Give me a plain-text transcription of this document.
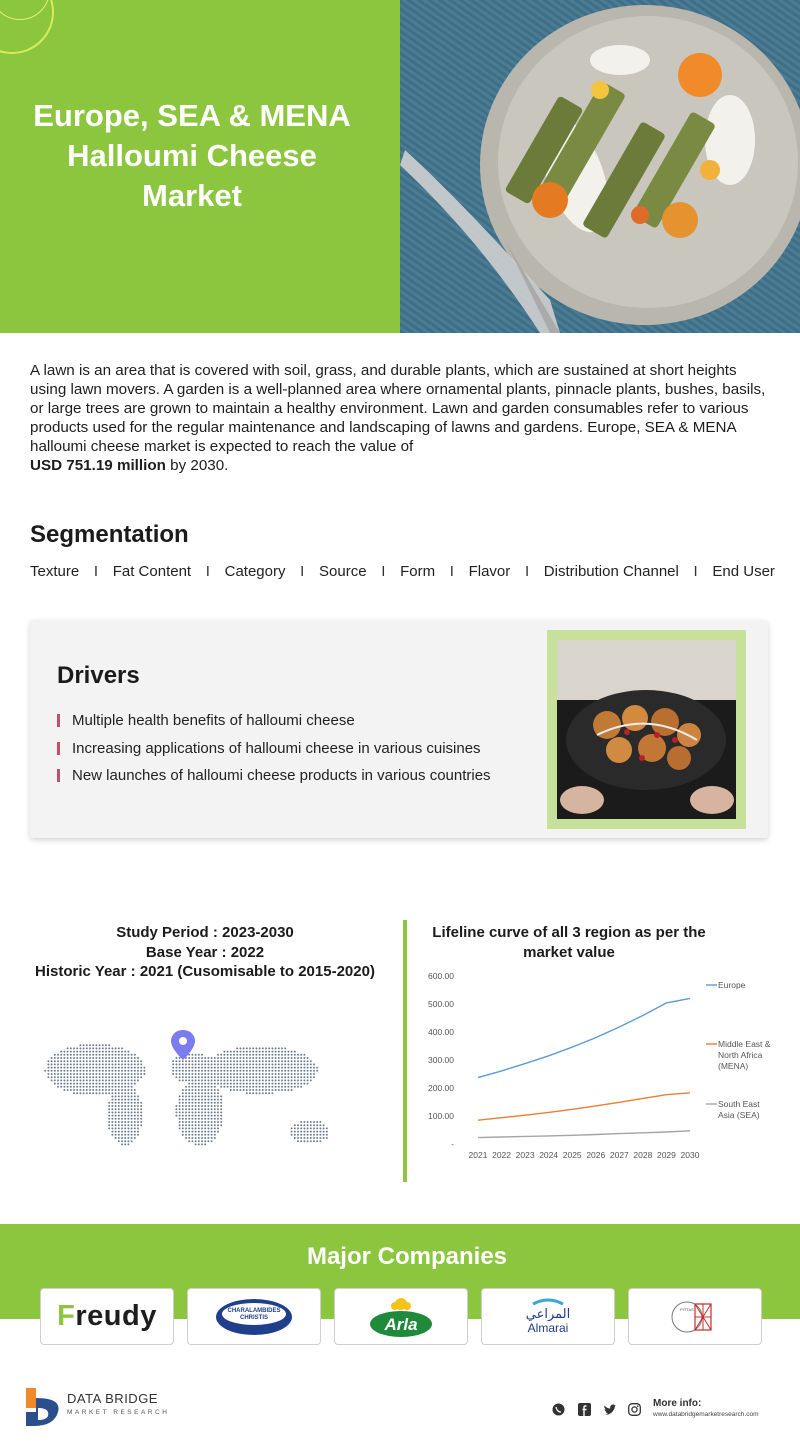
Europe, SEA & MENA
Halloumi Cheese
Market
A lawn is an area that is covered with soil, grass, and durable plants, which are sustained at short heights using lawn movers. A garden is a well-planned area where ornamental plants, pinnacle plants, bushes, basils, or large trees are grown to maintain a healthy environment. Lawn and garden consumables refer to various products used for the regular maintenance and landscaping of lawns and gardens. Europe, SEA & MENA halloumi cheese market is expected to reach the value of
USD 751.19 million by 2030.
Segmentation
Texture I Fat Content I Category I Source I Form I Flavor I Distribution Channel I End User
Drivers
Multiple health benefits of halloumi cheese
Increasing applications of halloumi cheese in various cuisines
New launches of halloumi cheese products in various countries
Study Period : 2023-2030
Base Year : 2022
Historic Year : 2021 (Cusomisable to 2015-2020)
Lifeline curve of all 3 region as per the market value
600.00
500.00
400.00
300.00
200.00
100.00
-
2021 2022 2023 2024 2025 2026 2027 2028 2029 2030
Europe
Middle East &
North Africa
(MENA)
South East
Asia (SEA)
Major Companies
Freudy	CHARALAMBIDES
CHRISTIS	Arla
المراعي
Almarai
PITTAS
DATA BRIDGE
MARKET RESEARCH
More info:
www.databridgemarketresearch.com
